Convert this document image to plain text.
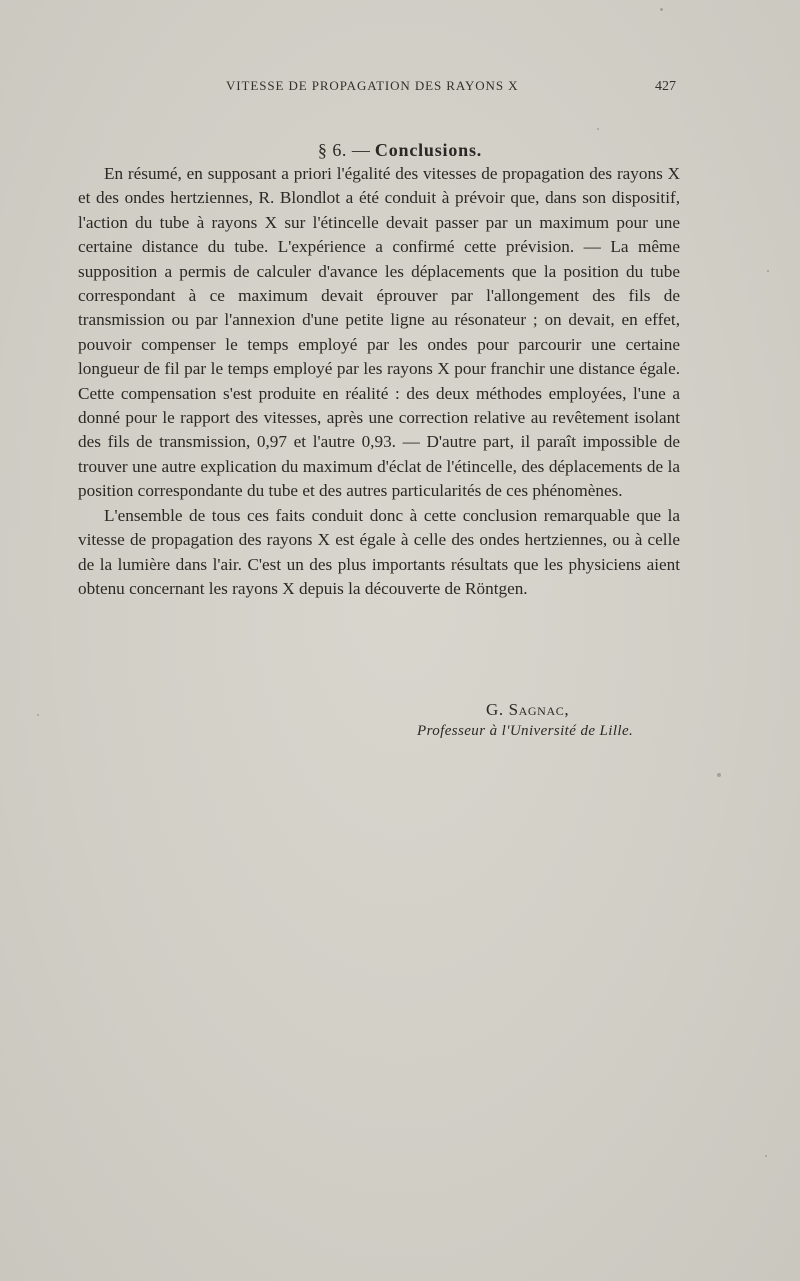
VITESSE DE PROPAGATION DES RAYONS X	427
§ 6. — Conclusions.

En résumé, en supposant a priori l'égalité des vitesses de propagation des rayons X et des ondes hertziennes, R. Blondlot a été conduit à prévoir que, dans son dispositif, l'action du tube à rayons X sur l'étincelle devait passer par un maximum pour une certaine distance du tube. L'expérience a confirmé cette prévision. — La même supposition a permis de calculer d'avance les déplacements que la position du tube correspondant à ce maximum devait éprouver par l'allongement des fils de transmission ou par l'annexion d'une petite ligne au résonateur ; on devait, en effet, pouvoir compenser le temps employé par les ondes pour parcourir une certaine longueur de fil par le temps employé par les rayons X pour franchir une distance égale. Cette compensation s'est produite en réalité : des deux méthodes employées, l'une a donné pour le rapport des vitesses, après une correction relative au revêtement isolant des fils de transmission, 0,97 et l'autre 0,93. — D'autre part, il paraît impossible de trouver une autre explication du maximum d'éclat de l'étincelle, des déplacements de la position correspondante du tube et des autres particularités de ces phénomènes.

L'ensemble de tous ces faits conduit donc à cette conclusion remarquable que la vitesse de propagation des rayons X est égale à celle des ondes hertziennes, ou à celle de la lumière dans l'air. C'est un des plus importants résultats que les physiciens aient obtenu concernant les rayons X depuis la découverte de Röntgen.

G. Sagnac,
Professeur à l'Université de Lille.
